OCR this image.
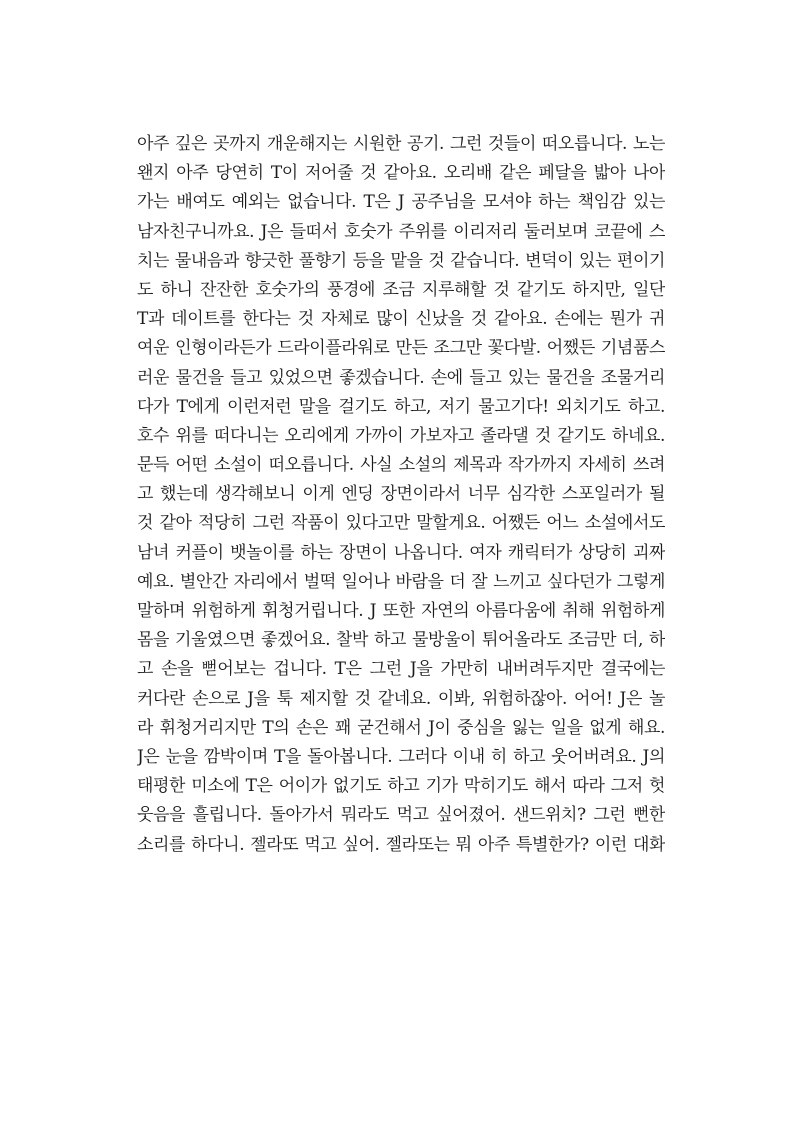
아주 깊은 곳까지 개운해지는 시원한 공기. 그런 것들이 떠오릅니다. 노는
왠지 아주 당연히 T이 저어줄 것 같아요. 오리배 같은 페달을 밟아 나아
가는 배여도 예외는 없습니다. T은 J 공주님을 모셔야 하는 책임감 있는
남자친구니까요. J은 들떠서 호숫가 주위를 이리저리 둘러보며 코끝에 스
치는 물내음과 향긋한 풀향기 등을 맡을 것 같습니다. 변덕이 있는 편이기
도 하니 잔잔한 호숫가의 풍경에 조금 지루해할 것 같기도 하지만, 일단
T과 데이트를 한다는 것 자체로 많이 신났을 것 같아요. 손에는 뭔가 귀
여운 인형이라든가 드라이플라워로 만든 조그만 꽃다발. 어쨌든 기념품스
러운 물건을 들고 있었으면 좋겠습니다. 손에 들고 있는 물건을 조물거리
다가 T에게 이런저런 말을 걸기도 하고, 저기 물고기다! 외치기도 하고.
호수 위를 떠다니는 오리에게 가까이 가보자고 졸라댈 것 같기도 하네요.
문득 어떤 소설이 떠오릅니다. 사실 소설의 제목과 작가까지 자세히 쓰려
고 했는데 생각해보니 이게 엔딩 장면이라서 너무 심각한 스포일러가 될
것 같아 적당히 그런 작품이 있다고만 말할게요. 어쨌든 어느 소설에서도
남녀 커플이 뱃놀이를 하는 장면이 나옵니다. 여자 캐릭터가 상당히 괴짜
예요. 별안간 자리에서 벌떡 일어나 바람을 더 잘 느끼고 싶다던가 그렇게
말하며 위험하게 휘청거립니다. J 또한 자연의 아름다움에 취해 위험하게
몸을 기울였으면 좋겠어요. 찰박 하고 물방울이 튀어올라도 조금만 더, 하
고 손을 뻗어보는 겁니다. T은 그런 J을 가만히 내버려두지만 결국에는
커다란 손으로 J을 툭 제지할 것 같네요. 이봐, 위험하잖아. 어어! J은 놀
라 휘청거리지만 T의 손은 꽤 굳건해서 J이 중심을 잃는 일을 없게 해요.
J은 눈을 깜박이며 T을 돌아봅니다. 그러다 이내 히 하고 웃어버려요. J의
태평한 미소에 T은 어이가 없기도 하고 기가 막히기도 해서 따라 그저 헛
웃음을 흘립니다. 돌아가서 뭐라도 먹고 싶어졌어. 샌드위치? 그런 뻔한
소리를 하다니. 젤라또 먹고 싶어. 젤라또는 뭐 아주 특별한가? 이런 대화
